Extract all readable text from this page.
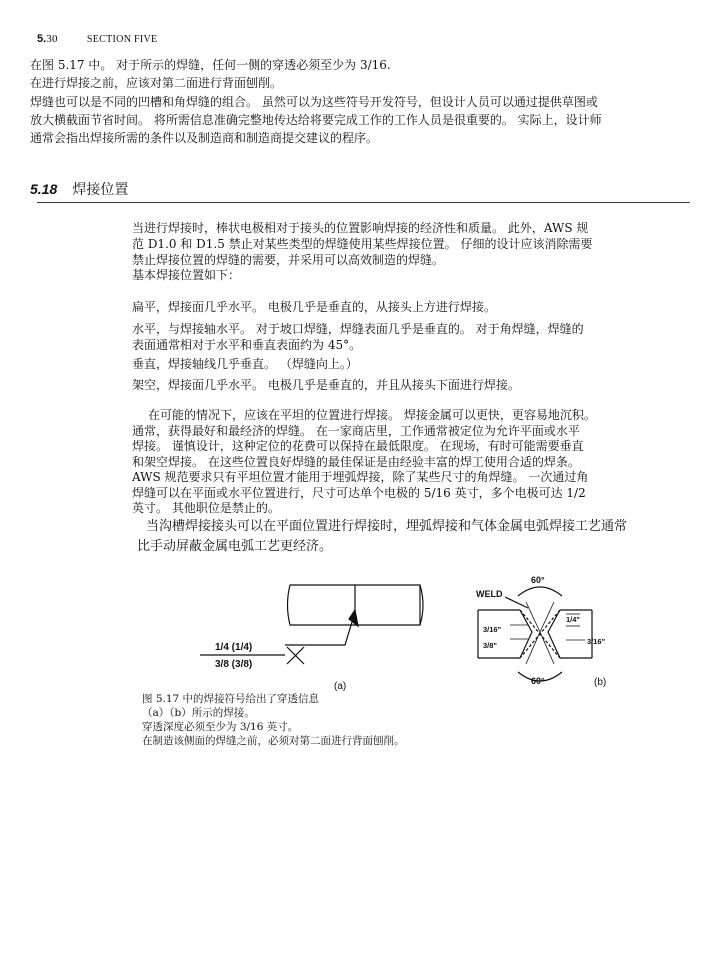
5.30	SECTION FIVE
在图 5.17 中。 对于所示的焊缝，任何一侧的穿透必须至少为 3/16.
在进行焊接之前，应该对第二面进行背面刨削。
焊缝也可以是不同的凹槽和角焊缝的组合。 虽然可以为这些符号开发符号，但设计人员可以通过提供草图或
放大横截面节省时间。 将所需信息准确完整地传达给将要完成工作的工作人员是很重要的。 实际上，设计师
通常会指出焊接所需的条件以及制造商和制造商提交建议的程序。
5.18 焊接位置
当进行焊接时，棒状电极相对于接头的位置影响焊接的经济性和质量。 此外，AWS 规
范 D1.0 和 D1.5 禁止对某些类型的焊缝使用某些焊接位置。 仔细的设计应该消除需要
禁止焊接位置的焊缝的需要，并采用可以高效制造的焊缝。
基本焊接位置如下：
扁平，焊接面几乎水平。 电极几乎是垂直的，从接头上方进行焊接。
水平，与焊接轴水平。 对于坡口焊缝，焊缝表面几乎是垂直的。 对于角焊缝，焊缝的
表面通常相对于水平和垂直表面约为 45°。
垂直，焊接轴线几乎垂直。 （焊缝向上。）
架空，焊接面几乎水平。 电极几乎是垂直的，并且从接头下面进行焊接。
在可能的情况下，应该在平坦的位置进行焊接。 焊接金属可以更快，更容易地沉积。
通常，获得最好和最经济的焊缝。 在一家商店里，工作通常被定位为允许平面或水平
焊接。 谨慎设计，这种定位的花费可以保持在最低限度。 在现场，有时可能需要垂直
和架空焊接。 在这些位置良好焊缝的最佳保证是由经验丰富的焊工使用合适的焊条。
AWS 规范要求只有平坦位置才能用于埋弧焊接，除了某些尺寸的角焊缝。 一次通过角
焊缝可以在平面或水平位置进行，尺寸可达单个电极的 5/16 英寸，多个电极可达 1/2
英寸。 其他职位是禁止的。
当沟槽焊接接头可以在平面位置进行焊接时，埋弧焊接和气体金属电弧焊接工艺通常
比手动屏蔽金属电弧工艺更经济。
1/4 (1/4)
3/8 (3/8)
(a)
WELD
60°
60°
1/4"
3/16"
3/8"	3/16"
(b)
图 5.17 中的焊接符号给出了穿透信息
（a）（b）所示的焊接。
穿透深度必须至少为 3/16 英寸。
在制造该侧面的焊缝之前，必须对第二面进行背面刨削。
